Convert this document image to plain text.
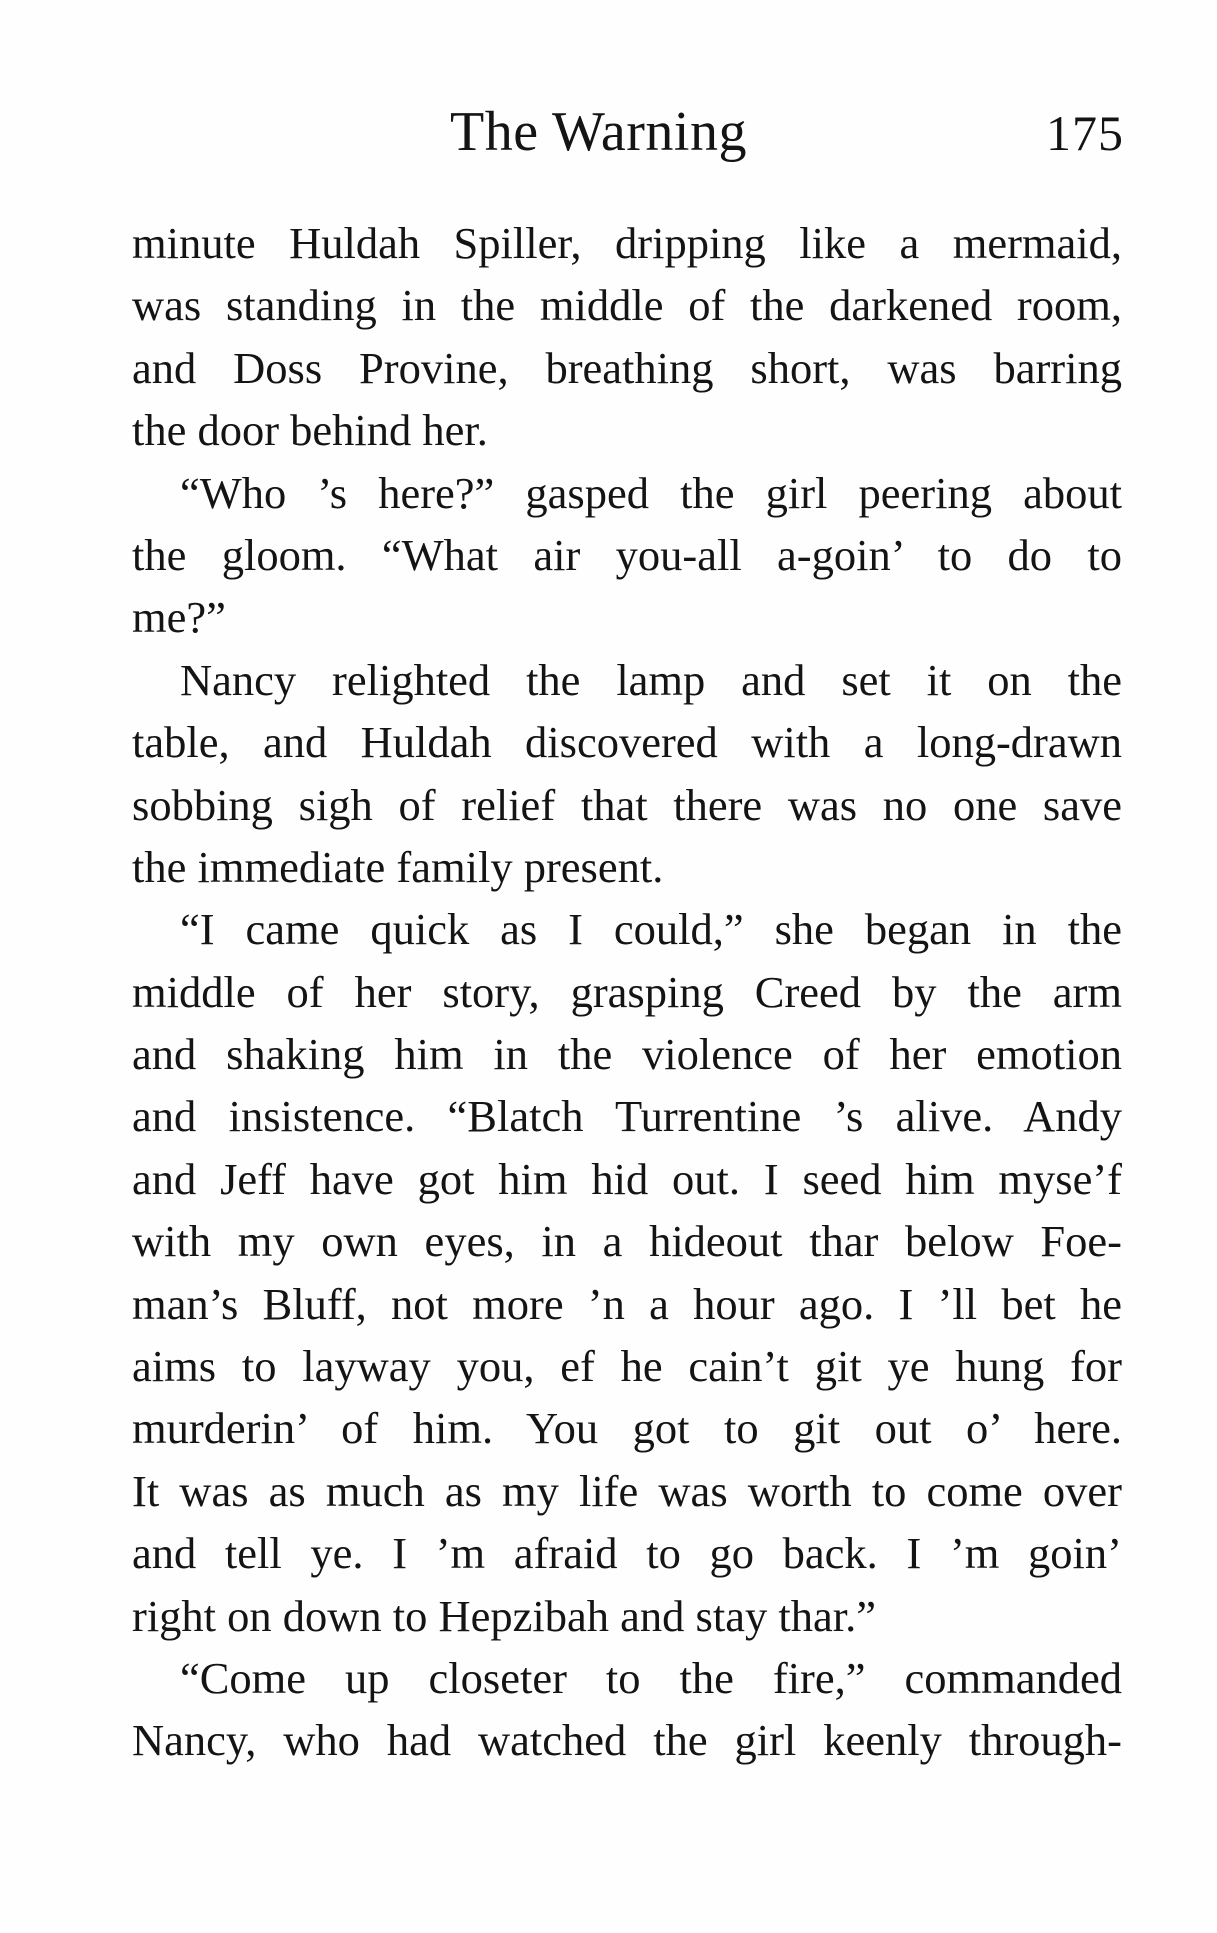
The Warning	175
minute Huldah Spiller, dripping like a mermaid,
was standing in the middle of the darkened room,
and Doss Provine, breathing short, was barring
the door behind her.
“Who ’s here?” gasped the girl peering about
the gloom. “What air you-all a-goin’ to do to
me?”
Nancy relighted the lamp and set it on the
table, and Huldah discovered with a long-drawn
sobbing sigh of relief that there was no one save
the immediate family present.
“I came quick as I could,” she began in the
middle of her story, grasping Creed by the arm
and shaking him in the violence of her emotion
and insistence. “Blatch Turrentine ’s alive. Andy
and Jeff have got him hid out. I seed him myse’f
with my own eyes, in a hideout thar below Foe-
man’s Bluff, not more ’n a hour ago. I ’ll bet he
aims to layway you, ef he cain’t git ye hung for
murderin’ of him. You got to git out o’ here.
It was as much as my life was worth to come over
and tell ye. I ’m afraid to go back. I ’m goin’
right on down to Hepzibah and stay thar.”
“Come up closeter to the fire,” commanded
Nancy, who had watched the girl keenly through-
